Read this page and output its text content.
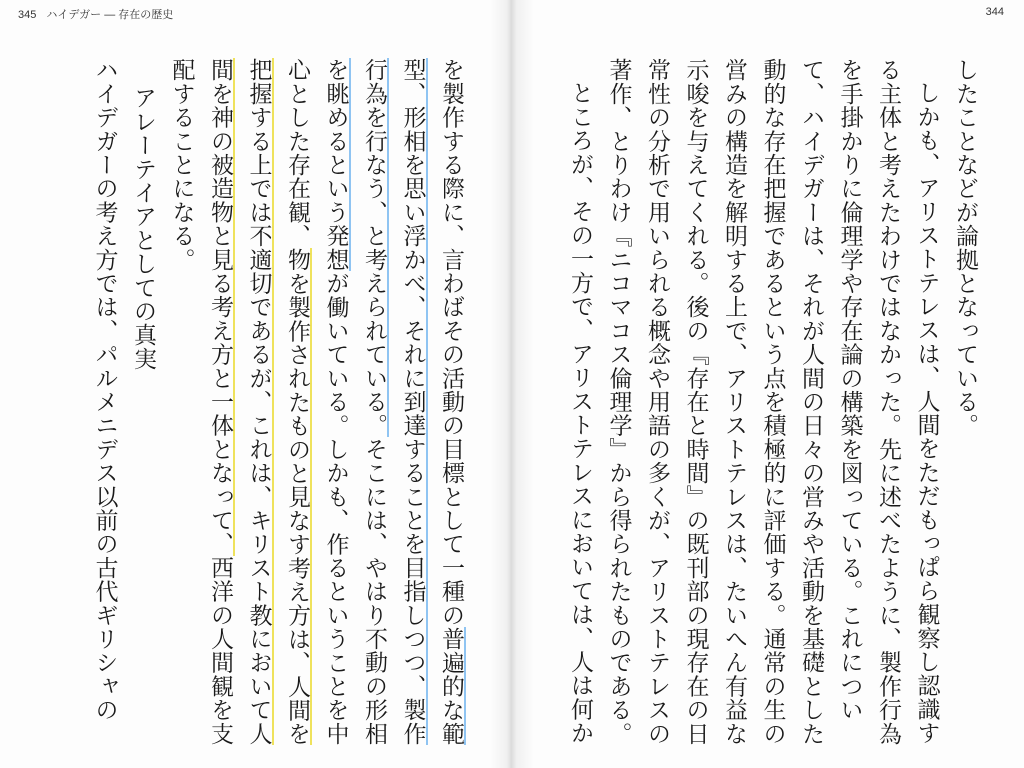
345 ハイデガー — 存在の歴史
を製作する際に、言わばその活動の目標として一種の普遍的な範
型、形相を思い浮かべ、それに到達することを目指しつつ、製作
行為を行なう、と考えられている。そこには、やはり不動の形相
を眺めるという発想が働いている。しかも、作るということを中
心とした存在観、物を製作されたものと見なす考え方は、人間を
把握する上では不適切であるが、これは、キリスト教において人
間を神の被造物と見る考え方と一体となって、西洋の人間観を支
配することになる。
アレーテイアとしての真実
ハイデガーの考え方では、パルメニデス以前の古代ギリシャの
344
したことなどが論拠となっている。
しかも、アリストテレスは、人間をただもっぱら観察し認識す
る主体と考えたわけではなかった。先に述べたように、製作行為
を手掛かりに倫理学や存在論の構築を図っている。これについ
て、ハイデガーは、それが人間の日々の営みや活動を基礎とした
動的な存在把握であるという点を積極的に評価する。通常の生の
営みの構造を解明する上で、アリストテレスは、たいへん有益な
示唆を与えてくれる。後の『存在と時間』の既刊部の現存在の日
常性の分析で用いられる概念や用語の多くが、アリストテレスの
著作、とりわけ『ニコマコス倫理学』から得られたものである。
ところが、その一方で、アリストテレスにおいては、人は何か
